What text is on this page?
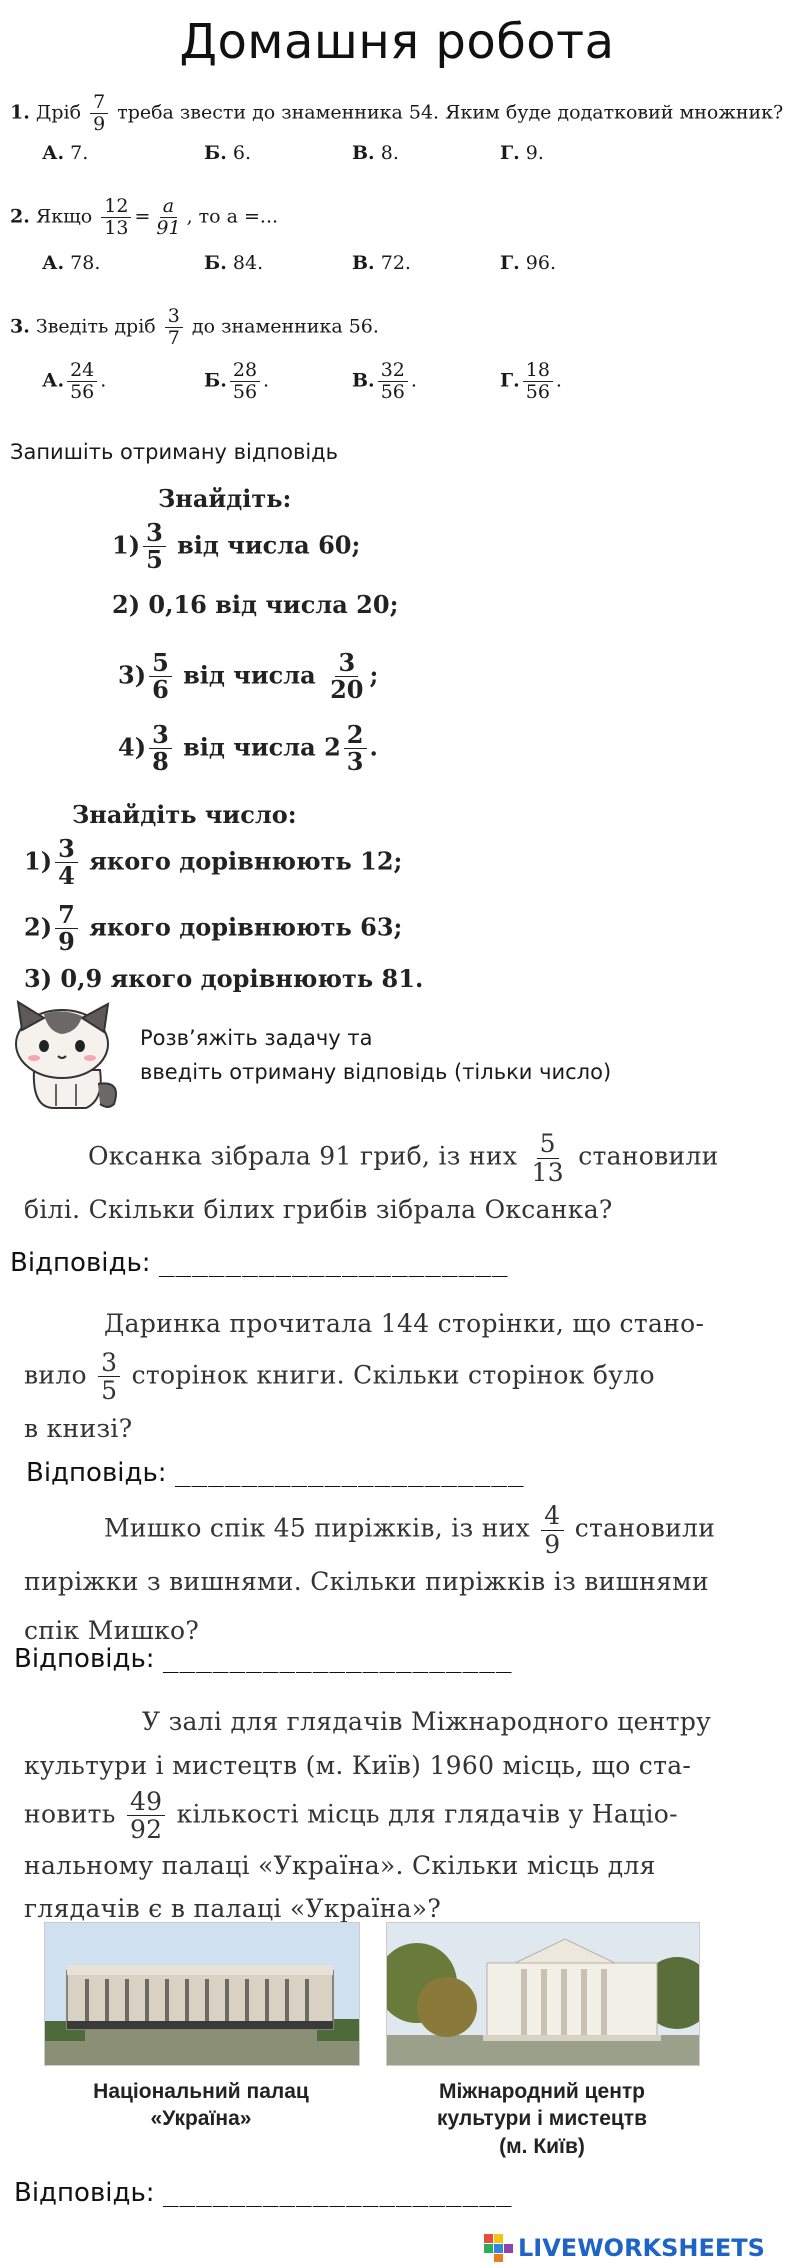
Домашня робота
1. Дріб $\frac{7}{9}$ треба звести до знаменника 54. Яким буде додатковий множник?
А. 7.	Б. 6.	В. 8.	Г. 9.
2. Якщо $\frac{12}{13} = \frac{a}{91}$ , то a =...
А. 78.	Б. 84.	В. 72.	Г. 96.
3. Зведіть дріб $\frac{3}{7}$ до знаменника 56.
А. $\frac{24}{56}$ .	Б. $\frac{28}{56}$ .	В. $\frac{32}{56}$ .	Г. $\frac{18}{56}$ .
Запишіть отриману відповідь
Знайдіть:
$1) \frac{3}{5}$ від числа 60;
2) 0,16 від числа 20;
$3) \frac{5}{6}$ від числа $\frac{3}{20}$ ;
$4) \frac{3}{8}$ від числа $2 \frac{2}{3}$ .
Знайдіть число:
$1) \frac{3}{4}$ якого дорівнюють 12;
$2) \frac{7}{9}$ якого дорівнюють 63;
3) 0,9 якого дорівнюють 81.
Розв’яжіть задачу та
введіть отриману відповідь (тільки число)
Оксанка зібрала 91 гриб, із них $\frac{5}{13}$ становили
білі. Скільки білих грибів зібрала Оксанка?
Відповідь: _____________________
Даринка прочитала 144 сторінки, що стано-
вило $\frac{3}{5}$ сторінок книги. Скільки сторінок було
в книзі?
Відповідь: _____________________
Мишко спік 45 пиріжків, із них $\frac{4}{9}$ становили
пиріжки з вишнями. Скільки пиріжків із вишнями
спік Мишко?
Відповідь: _____________________
У залі для глядачів Міжнародного центру
культури і мистецтв (м. Київ) 1960 місць, що ста-
новить $\frac{49}{92}$ кількості місць для глядачів у Націо-
нальному палаці «Україна». Скільки місць для
глядачів є в палаці «Україна»?
Національний палац
«Україна»
Міжнародний центр
культури і мистецтв
(м. Київ)
Відповідь: _____________________
LIVEWORKSHEETS
